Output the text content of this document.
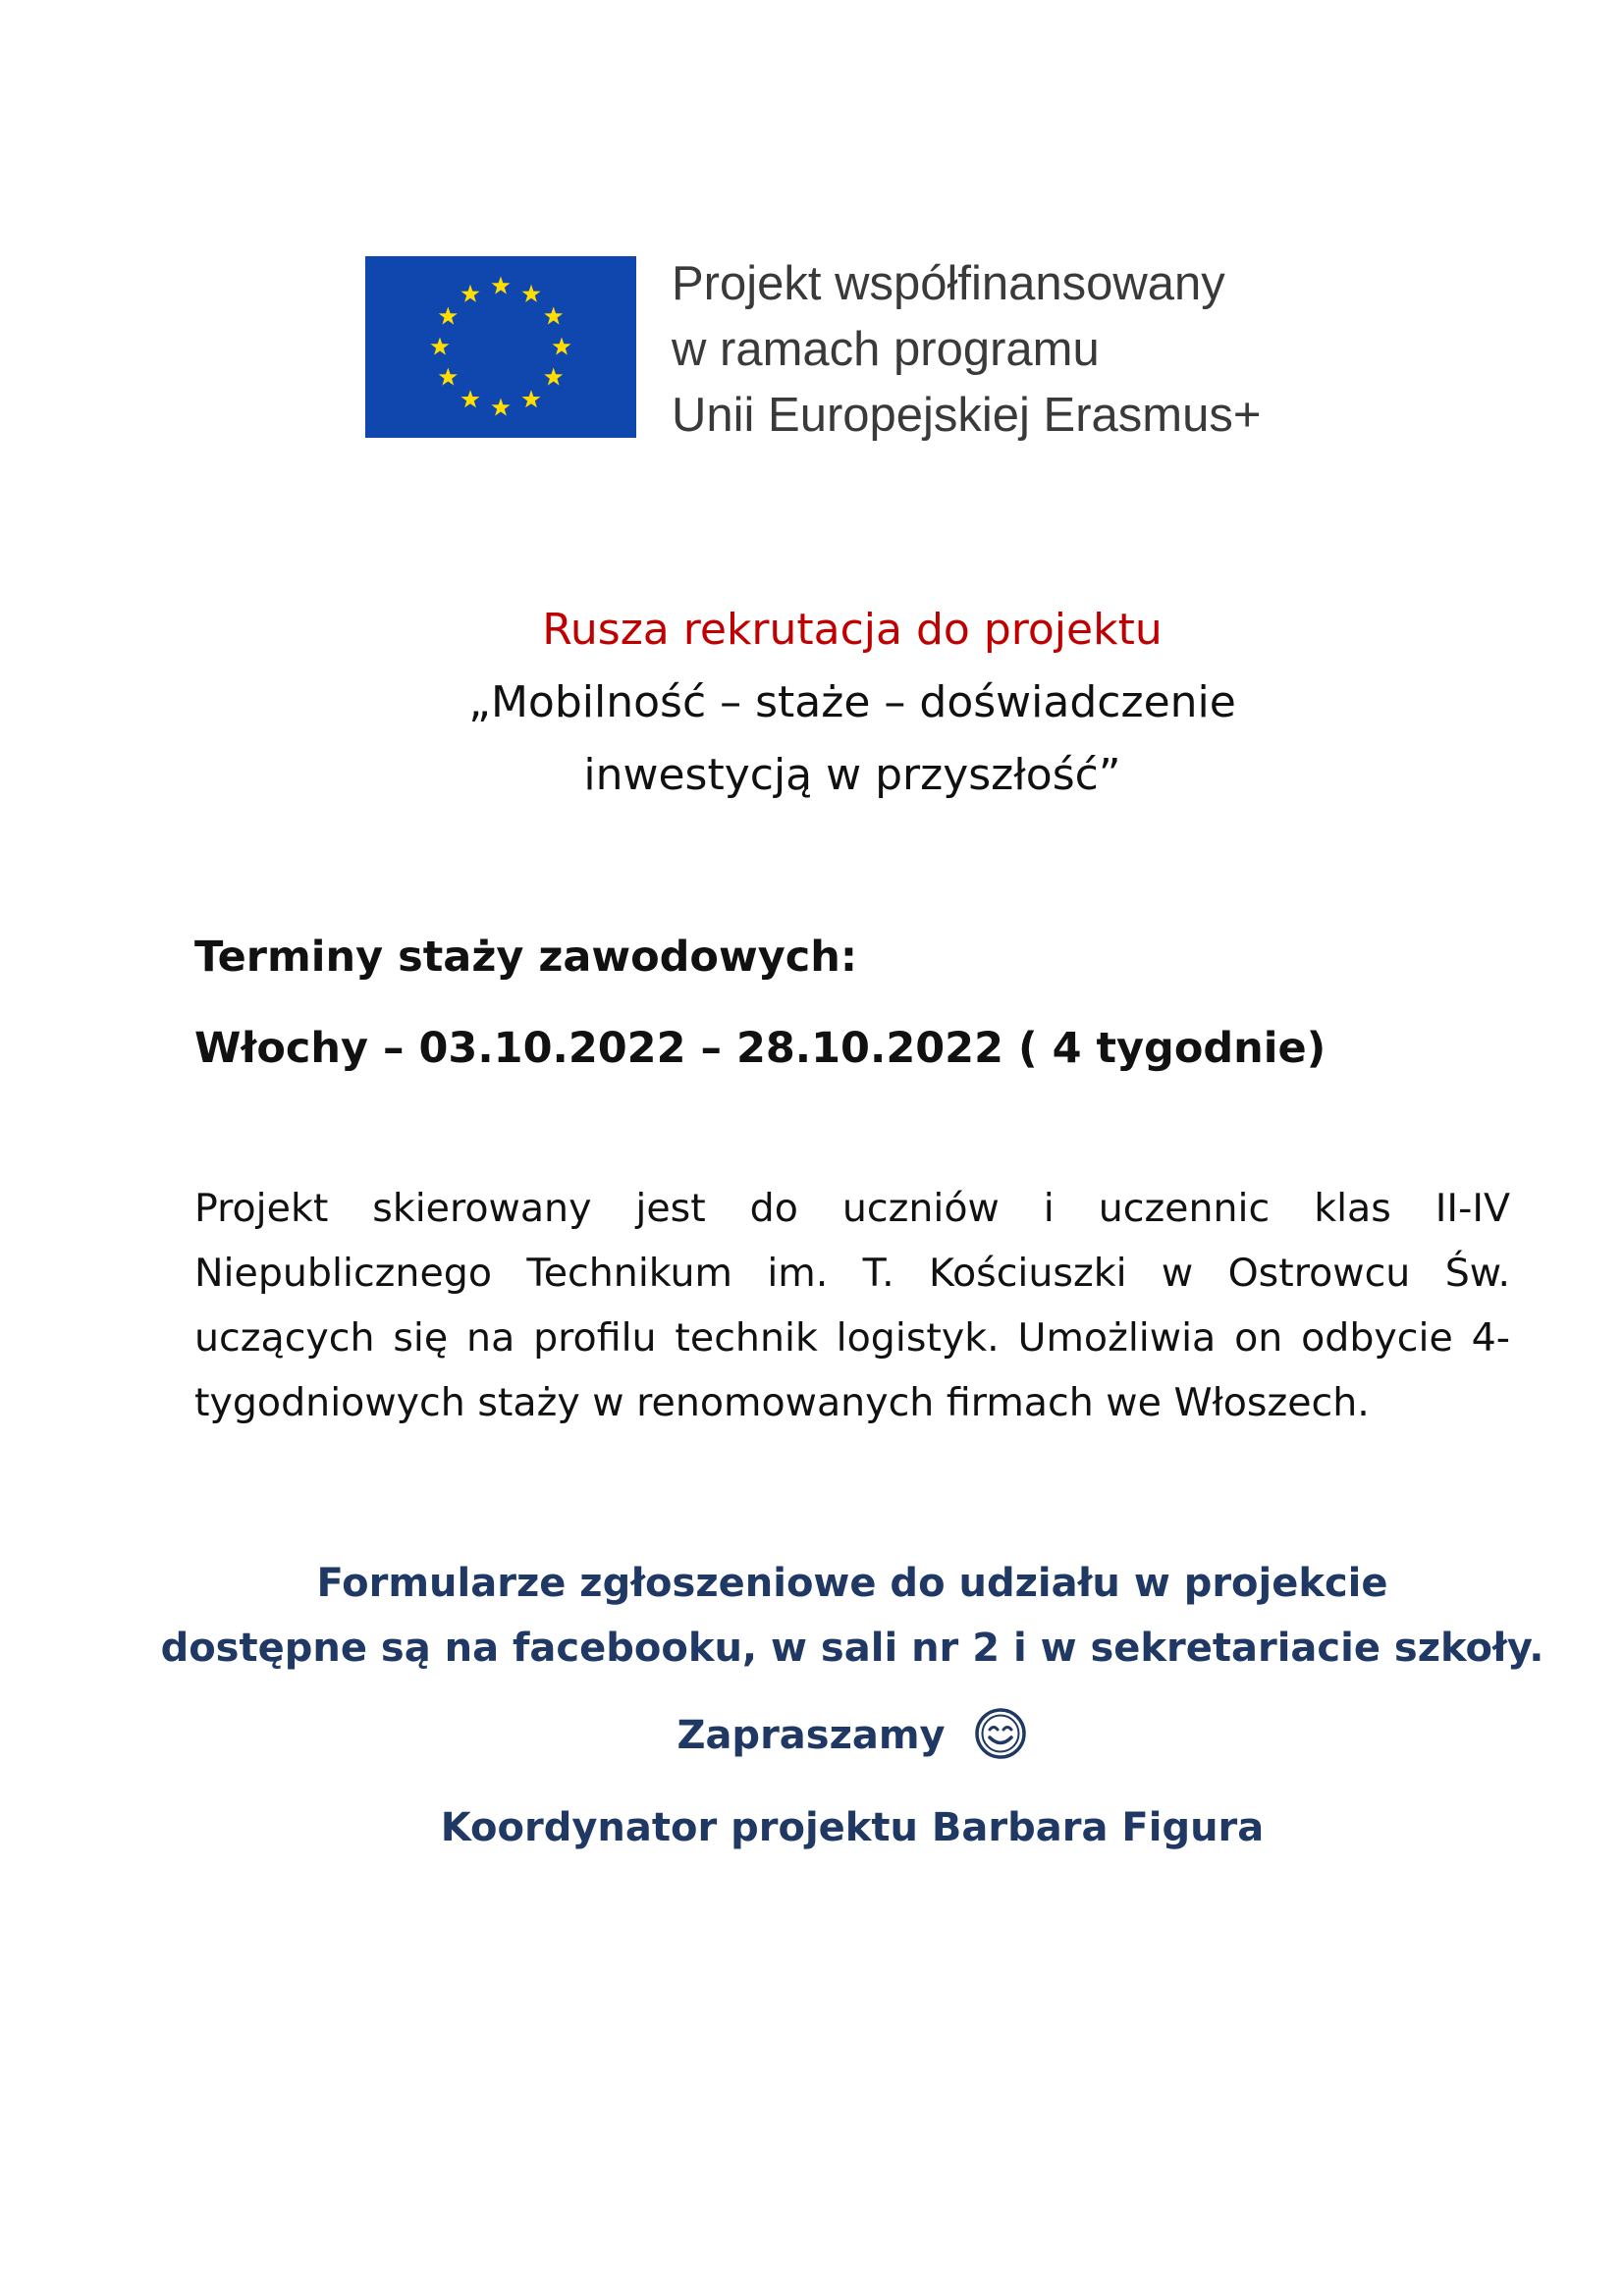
Projekt współfinansowany
w ramach programu
Unii Europejskiej Erasmus+
Rusza rekrutacja do projektu
„Mobilność – staże – doświadczenie
inwestycją w przyszłość”
Terminy staży zawodowych:
Włochy – 03.10.2022 – 28.10.2022 ( 4 tygodnie)
Projekt skierowany jest do uczniów i uczennic klas II-IV Niepublicznego Technikum im. T. Kościuszki w Ostrowcu Św. uczących się na profilu technik logistyk. Umożliwia on odbycie 4- tygodniowych staży w renomowanych firmach we Włoszech.
Formularze zgłoszeniowe do udziału w projekcie
dostępne są na facebooku, w sali nr 2 i w sekretariacie szkoły.
Zapraszamy
Koordynator projektu Barbara Figura
